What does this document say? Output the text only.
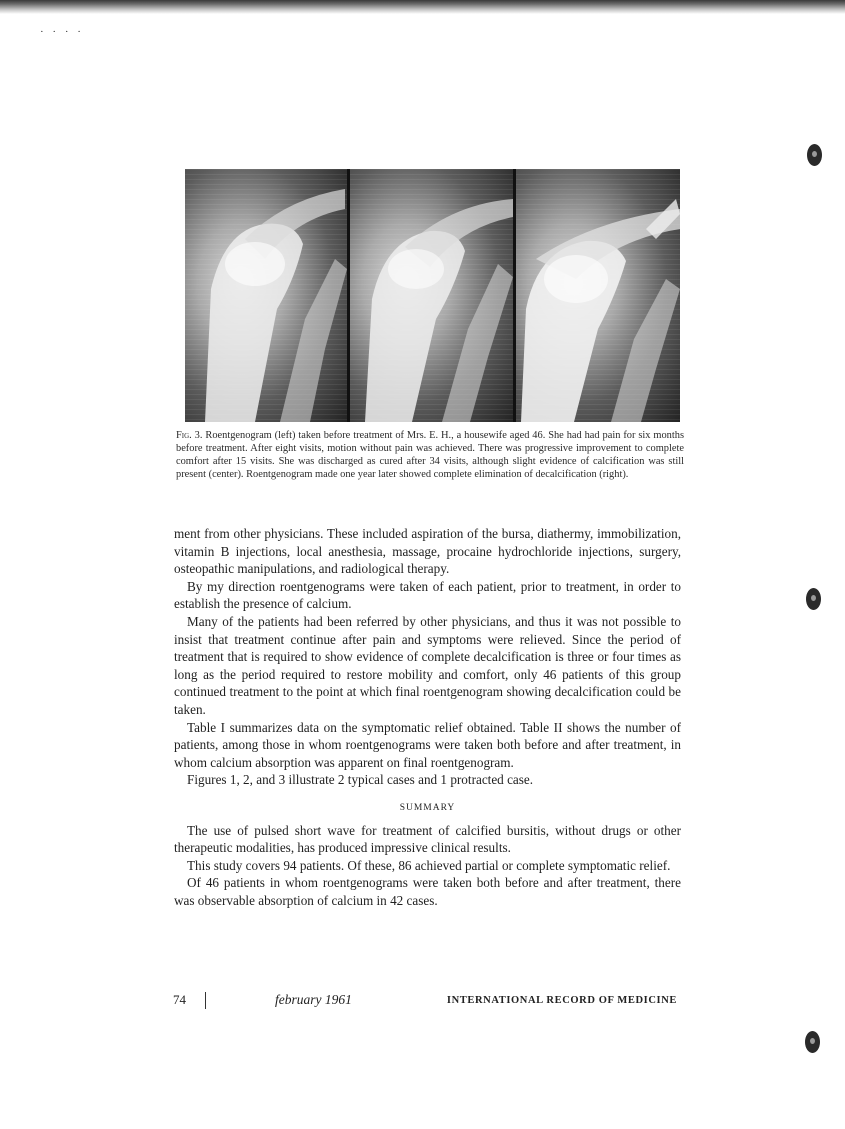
· · · ·
Fig. 3. Roentgenogram (left) taken before treatment of Mrs. E. H., a housewife aged 46. She had had pain for six months before treatment. After eight visits, motion without pain was achieved. There was progressive improvement to complete comfort after 15 visits. She was discharged as cured after 34 visits, although slight evidence of calcification was still present (center). Roentgenogram made one year later showed complete elimination of decalcification (right).

ment from other physicians. These included aspiration of the bursa, diathermy, immobilization, vitamin B injections, local anesthesia, massage, procaine hydrochloride injections, surgery, osteopathic manipulations, and radiological therapy.

By my direction roentgenograms were taken of each patient, prior to treatment, in order to establish the presence of calcium.

Many of the patients had been referred by other physicians, and thus it was not possible to insist that treatment continue after pain and symptoms were relieved. Since the period of treatment that is required to show evidence of complete decalcification is three or four times as long as the period required to restore mobility and comfort, only 46 patients of this group continued treatment to the point at which final roentgenogram showing decalcification could be taken.

Table I summarizes data on the symptomatic relief obtained. Table II shows the number of patients, among those in whom roentgenograms were taken both before and after treatment, in whom calcium absorption was apparent on final roentgenogram.

Figures 1, 2, and 3 illustrate 2 typical cases and 1 protracted case.

SUMMARY

The use of pulsed short wave for treatment of calcified bursitis, without drugs or other therapeutic modalities, has produced impressive clinical results.

This study covers 94 patients. Of these, 86 achieved partial or complete symptomatic relief.

Of 46 patients in whom roentgenograms were taken both before and after treatment, there was observable absorption of calcium in 42 cases.

74	february 1961	INTERNATIONAL RECORD OF MEDICINE
